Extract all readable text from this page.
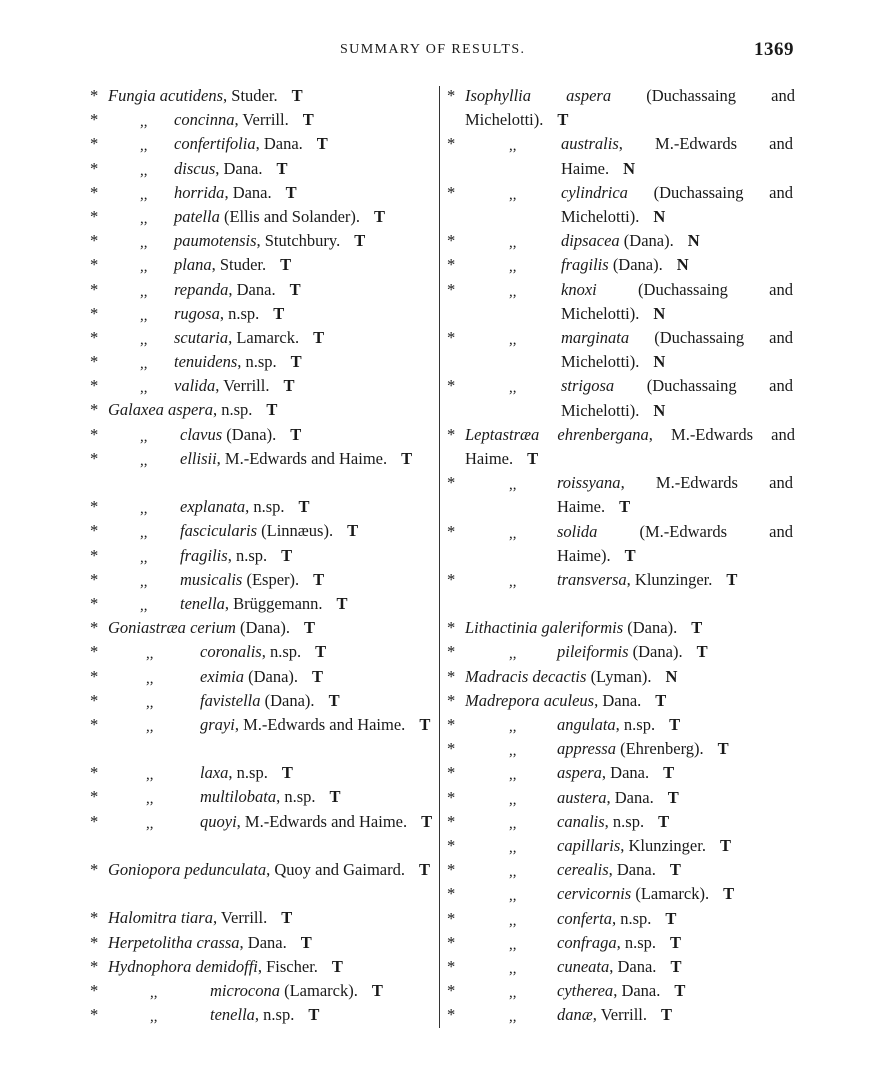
SUMMARY OF RESULTS.	1369
* Fungia acutidens, Studer. T
*	,, concinna, Verrill. T
*	,, confertifolia, Dana. T
*	,, discus, Dana. T
*	,, horrida, Dana. T
*	,, patella (Ellis and Solander). T
*	,, paumotensis, Stutchbury. T
*	,, plana, Studer. T
*	,, repanda, Dana. T
*	,, rugosa, n.sp. T
*	,, scutaria, Lamarck. T
*	,, tenuidens, n.sp. T
*	,, valida, Verrill. T
* Galaxea aspera, n.sp. T
*	,, clavus (Dana). T
*	,, ellisii, M.-Edwards and Haime. T
*	,, explanata, n.sp. T
*	,, fascicularis (Linnæus). T
*	,, fragilis, n.sp. T
*	,, musicalis (Esper). T
*	,, tenella, Brüggemann. T
* Goniastræa cerium (Dana). T
*	,,	coronalis, n.sp. T
*	,,	eximia (Dana). T
*	,,	favistella (Dana). T
*	,,	grayi, M.-Edwards and Haime. T
*	,,	laxa, n.sp. T
*	,,	multilobata, n.sp. T
*	,,	quoyi, M.-Edwards and Haime. T
* Goniopora pedunculata, Quoy and Gaimard. T
* Halomitra tiara, Verrill. T
* Herpetolitha crassa, Dana. T
* Hydnophora demidoffi, Fischer. T
*	,,	microcona (Lamarck). T
*	,,	tenella, n.sp. T
* Isophyllia aspera (Duchassaing and Michelotti). T
*	,,	australis, M.-Edwards and Haime. N
*	,,	cylindrica (Duchassaing and Michelotti). N
*	,,	dipsacea (Dana). N
*	,,	fragilis (Dana). N
*	,,	knoxi (Duchassaing and Michelotti). N
*	,,	marginata (Duchassaing and Michelotti). N
*	,,	strigosa (Duchassaing and Michelotti). N
* Leptastræa ehrenbergana, M.-Edwards and Haime. T
*	,, roissyana, M.-Edwards and Haime. T
*	,, solida (M.-Edwards and Haime). T
*	,, transversa, Klunzinger. T
* Lithactinia galeriformis (Dana). T
*	,, pileiformis (Dana). T
* Madracis decactis (Lyman). N
* Madrepora aculeus, Dana. T
*	,, angulata, n.sp. T
*	,, appressa (Ehrenberg). T
*	,, aspera, Dana. T
*	,, austera, Dana. T
*	,, canalis, n.sp. T
*	,, capillaris, Klunzinger. T
*	,, cerealis, Dana. T
*	,, cervicornis (Lamarck). T
*	,, conferta, n.sp. T
*	,, confraga, n.sp. T
*	,, cuneata, Dana. T
*	,, cytherea, Dana. T
*	,, danæ, Verrill. T
